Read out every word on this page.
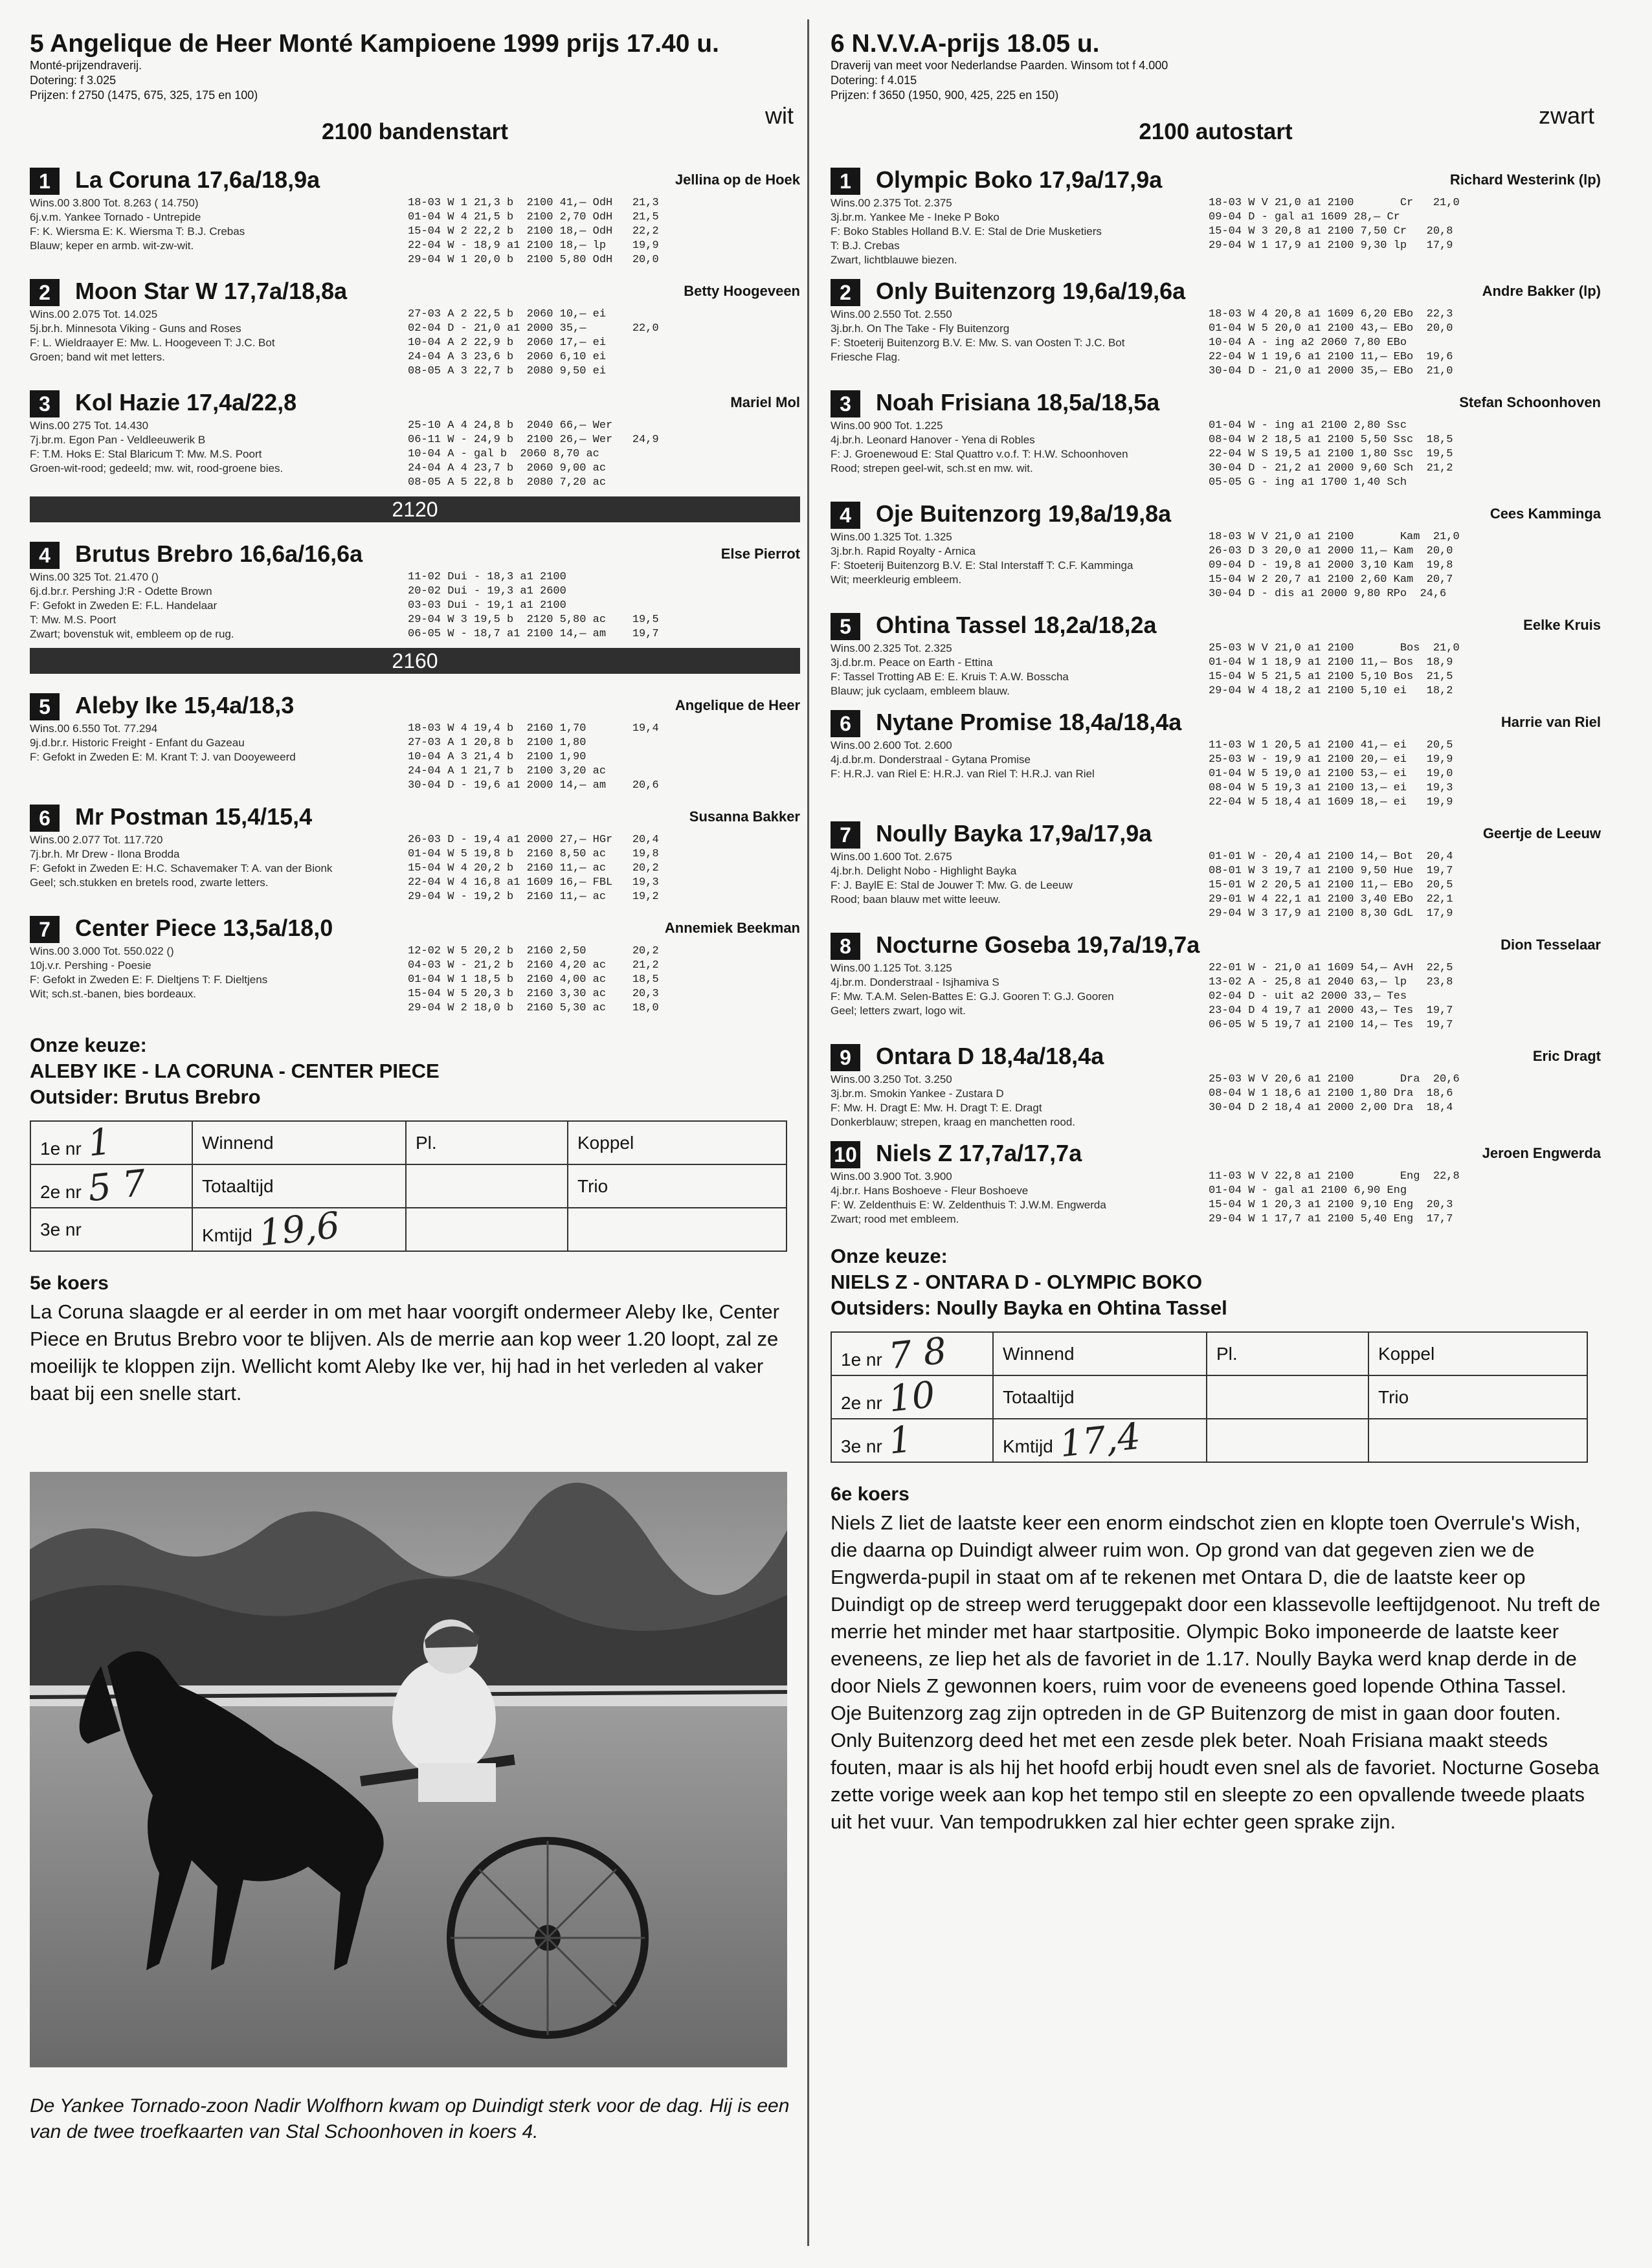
5 Angelique de Heer Monté Kampioene 1999 prijs 17.40 u.
Monté-prijzendraverij.
Dotering: f 3.025
Prijzen: f 2750 (1475, 675, 325, 175 en 100)
wit
2100 bandenstart
1	La Coruna 17,6a/18,9a	Jellina op de Hoek
Wins.00 3.800 Tot. 8.263 ( 14.750)
6j.v.m. Yankee Tornado - Untrepide
F: K. Wiersma E: K. Wiersma T: B.J. Crebas
Blauw; keper en armb. wit-zw-wit.
18-03 W 1 21,3 b  2100 41,— OdH   21,3
01-04 W 4 21,5 b  2100 2,70 OdH   21,5
15-04 W 2 22,2 b  2100 18,— OdH   22,2
22-04 W - 18,9 a1 2100 18,— lp    19,9
29-04 W 1 20,0 b  2100 5,80 OdH   20,0
2	Moon Star W 17,7a/18,8a	Betty Hoogeveen
Wins.00 2.075 Tot. 14.025
5j.br.h. Minnesota Viking - Guns and Roses
F: L. Wieldraayer E: Mw. L. Hoogeveen T: J.C. Bot
Groen; band wit met letters.
27-03 A 2 22,5 b  2060 10,— ei
02-04 D - 21,0 a1 2000 35,—       22,0
10-04 A 2 22,9 b  2060 17,— ei
24-04 A 3 23,6 b  2060 6,10 ei
08-05 A 3 22,7 b  2080 9,50 ei
3	Kol Hazie 17,4a/22,8	Mariel Mol
Wins.00 275 Tot. 14.430
7j.br.m. Egon Pan - Veldleeuwerik B
F: T.M. Hoks E: Stal Blaricum T: Mw. M.S. Poort
Groen-wit-rood; gedeeld; mw. wit, rood-groene bies.
25-10 A 4 24,8 b  2040 66,— Wer
06-11 W - 24,9 b  2100 26,— Wer   24,9
10-04 A - gal b  2060 8,70 ac
24-04 A 4 23,7 b  2060 9,00 ac
08-05 A 5 22,8 b  2080 7,20 ac
2120
4	Brutus Brebro 16,6a/16,6a	Else Pierrot
Wins.00 325 Tot. 21.470 ()
6j.d.br.r. Pershing J:R - Odette Brown
F: Gefokt in Zweden E: F.L. Handelaar
T: Mw. M.S. Poort
Zwart; bovenstuk wit, embleem op de rug.
11-02 Dui - 18,3 a1 2100
20-02 Dui - 19,3 a1 2600
03-03 Dui - 19,1 a1 2100
29-04 W 3 19,5 b  2120 5,80 ac    19,5
06-05 W - 18,7 a1 2100 14,— am    19,7
2160
5	Aleby Ike 15,4a/18,3	Angelique de Heer
Wins.00 6.550 Tot. 77.294
9j.d.br.r. Historic Freight - Enfant du Gazeau
F: Gefokt in Zweden E: M. Krant T: J. van Dooyeweerd
18-03 W 4 19,4 b  2160 1,70       19,4
27-03 A 1 20,8 b  2100 1,80
10-04 A 3 21,4 b  2100 1,90
24-04 A 1 21,7 b  2100 3,20 ac
30-04 D - 19,6 a1 2000 14,— am    20,6
6	Mr Postman 15,4/15,4	Susanna Bakker
Wins.00 2.077 Tot. 117.720
7j.br.h. Mr Drew - Ilona Brodda
F: Gefokt in Zweden E: H.C. Schavemaker T: A. van der Bionk
Geel; sch.stukken en bretels rood, zwarte letters.
26-03 D - 19,4 a1 2000 27,— HGr   20,4
01-04 W 5 19,8 b  2160 8,50 ac    19,8
15-04 W 4 20,2 b  2160 11,— ac    20,2
22-04 W 4 16,8 a1 1609 16,— FBL   19,3
29-04 W - 19,2 b  2160 11,— ac    19,2
7	Center Piece 13,5a/18,0	Annemiek Beekman
Wins.00 3.000 Tot. 550.022 ()
10j.v.r. Pershing - Poesie
F: Gefokt in Zweden E: F. Dieltjens T: F. Dieltjens
Wit; sch.st.-banen, bies bordeaux.
12-02 W 5 20,2 b  2160 2,50       20,2
04-03 W - 21,2 b  2160 4,20 ac    21,2
01-04 W 1 18,5 b  2160 4,00 ac    18,5
15-04 W 5 20,3 b  2160 3,30 ac    20,3
29-04 W 2 18,0 b  2160 5,30 ac    18,0
Onze keuze:
ALEBY IKE - LA CORUNA - CENTER PIECE
Outsider: Brutus Brebro
1e nr 1	Winnend	Pl.	Koppel
2e nr 5 7	Totaaltijd		Trio
3e nr	Kmtijd 19,6		
5e koers
La Coruna slaagde er al eerder in om met haar voorgift ondermeer Aleby Ike, Center Piece en Brutus Brebro voor te blijven. Als de merrie aan kop weer 1.20 loopt, zal ze moeilijk te kloppen zijn. Wellicht komt Aleby Ike ver, hij had in het verleden al vaker baat bij een snelle start.
De Yankee Tornado-zoon Nadir Wolfhorn kwam op Duindigt sterk voor de dag. Hij is een van de twee troefkaarten van Stal Schoonhoven in koers 4.
6 N.V.V.A-prijs 18.05 u.
Draverij van meet voor Nederlandse Paarden. Winsom tot f 4.000
Dotering: f 4.015
Prijzen: f 3650 (1950, 900, 425, 225 en 150)
zwart
2100 autostart
1	Olympic Boko 17,9a/17,9a	Richard Westerink (lp)
Wins.00 2.375 Tot. 2.375
3j.br.m. Yankee Me - Ineke P Boko
F: Boko Stables Holland B.V. E: Stal de Drie Musketiers
T: B.J. Crebas
Zwart, lichtblauwe biezen.
18-03 W V 21,0 a1 2100       Cr   21,0
09-04 D - gal a1 1609 28,— Cr
15-04 W 3 20,8 a1 2100 7,50 Cr   20,8
29-04 W 1 17,9 a1 2100 9,30 lp   17,9
2	Only Buitenzorg 19,6a/19,6a	Andre Bakker (lp)
Wins.00 2.550 Tot. 2.550
3j.br.h. On The Take - Fly Buitenzorg
F: Stoeterij Buitenzorg B.V. E: Mw. S. van Oosten T: J.C. Bot
Friesche Flag.
18-03 W 4 20,8 a1 1609 6,20 EBo  22,3
01-04 W 5 20,0 a1 2100 43,— EBo  20,0
10-04 A - ing a2 2060 7,80 EBo
22-04 W 1 19,6 a1 2100 11,— EBo  19,6
30-04 D - 21,0 a1 2000 35,— EBo  21,0
3	Noah Frisiana 18,5a/18,5a	Stefan Schoonhoven
Wins.00 900 Tot. 1.225
4j.br.h. Leonard Hanover - Yena di Robles
F: J. Groenewoud E: Stal Quattro v.o.f. T: H.W. Schoonhoven
Rood; strepen geel-wit, sch.st en mw. wit.
01-04 W - ing a1 2100 2,80 Ssc
08-04 W 2 18,5 a1 2100 5,50 Ssc  18,5
22-04 W S 19,5 a1 2100 1,80 Ssc  19,5
30-04 D - 21,2 a1 2000 9,60 Sch  21,2
05-05 G - ing a1 1700 1,40 Sch
4	Oje Buitenzorg 19,8a/19,8a	Cees Kamminga
Wins.00 1.325 Tot. 1.325
3j.br.h. Rapid Royalty - Arnica
F: Stoeterij Buitenzorg B.V. E: Stal Interstaff T: C.F. Kamminga
Wit; meerkleurig embleem.
18-03 W V 21,0 a1 2100       Kam  21,0
26-03 D 3 20,0 a1 2000 11,— Kam  20,0
09-04 D - 19,8 a1 2000 3,10 Kam  19,8
15-04 W 2 20,7 a1 2100 2,60 Kam  20,7
30-04 D - dis a1 2000 9,80 RPo  24,6
5	Ohtina Tassel 18,2a/18,2a	Eelke Kruis
Wins.00 2.325 Tot. 2.325
3j.d.br.m. Peace on Earth - Ettina
F: Tassel Trotting AB E: E. Kruis T: A.W. Bosscha
Blauw; juk cyclaam, embleem blauw.
25-03 W V 21,0 a1 2100       Bos  21,0
01-04 W 1 18,9 a1 2100 11,— Bos  18,9
15-04 W 5 21,5 a1 2100 5,10 Bos  21,5
29-04 W 4 18,2 a1 2100 5,10 ei   18,2
6	Nytane Promise 18,4a/18,4a	Harrie van Riel
Wins.00 2.600 Tot. 2.600
4j.d.br.m. Donderstraal - Gytana Promise
F: H.R.J. van Riel E: H.R.J. van Riel T: H.R.J. van Riel
11-03 W 1 20,5 a1 2100 41,— ei   20,5
25-03 W - 19,9 a1 2100 20,— ei   19,9
01-04 W 5 19,0 a1 2100 53,— ei   19,0
08-04 W 5 19,3 a1 2100 13,— ei   19,3
22-04 W 5 18,4 a1 1609 18,— ei   19,9
7	Noully Bayka 17,9a/17,9a	Geertje de Leeuw
Wins.00 1.600 Tot. 2.675
4j.br.h. Delight Nobo - Highlight Bayka
F: J. BaylE E: Stal de Jouwer T: Mw. G. de Leeuw
Rood; baan blauw met witte leeuw.
01-01 W - 20,4 a1 2100 14,— Bot  20,4
08-01 W 3 19,7 a1 2100 9,50 Hue  19,7
15-01 W 2 20,5 a1 2100 11,— EBo  20,5
29-01 W 4 22,1 a1 2100 3,40 EBo  22,1
29-04 W 3 17,9 a1 2100 8,30 GdL  17,9
8	Nocturne Goseba 19,7a/19,7a	Dion Tesselaar
Wins.00 1.125 Tot. 3.125
4j.br.m. Donderstraal - Isjhamiva S
F: Mw. T.A.M. Selen-Battes E: G.J. Gooren T: G.J. Gooren
Geel; letters zwart, logo wit.
22-01 W - 21,0 a1 1609 54,— AvH  22,5
13-02 A - 25,8 a1 2040 63,— lp   23,8
02-04 D - uit a2 2000 33,— Tes
23-04 D 4 19,7 a1 2000 43,— Tes  19,7
06-05 W 5 19,7 a1 2100 14,— Tes  19,7
9	Ontara D 18,4a/18,4a	Eric Dragt
Wins.00 3.250 Tot. 3.250
3j.br.m. Smokin Yankee - Zustara D
F: Mw. H. Dragt E: Mw. H. Dragt T: E. Dragt
Donkerblauw; strepen, kraag en manchetten rood.
25-03 W V 20,6 a1 2100       Dra  20,6
08-04 W 1 18,6 a1 2100 1,80 Dra  18,6
30-04 D 2 18,4 a1 2000 2,00 Dra  18,4
10 Niels Z 17,7a/17,7a	Jeroen Engwerda
Wins.00 3.900 Tot. 3.900
4j.br.r. Hans Boshoeve - Fleur Boshoeve
F: W. Zeldenthuis E: W. Zeldenthuis T: J.W.M. Engwerda
Zwart; rood met embleem.
11-03 W V 22,8 a1 2100       Eng  22,8
01-04 W - gal a1 2100 6,90 Eng
15-04 W 1 20,3 a1 2100 9,10 Eng  20,3
29-04 W 1 17,7 a1 2100 5,40 Eng  17,7
Onze keuze:
NIELS Z - ONTARA D - OLYMPIC BOKO
Outsiders: Noully Bayka en Ohtina Tassel
1e nr 7 8	Winnend	Pl.	Koppel
2e nr 10	Totaaltijd		Trio
3e nr 1	Kmtijd 17,4		
6e koers
Niels Z liet de laatste keer een enorm eindschot zien en klopte toen Overrule's Wish, die daarna op Duindigt alweer ruim won. Op grond van dat gegeven zien we de Engwerda-pupil in staat om af te rekenen met Ontara D, die de laatste keer op Duindigt op de streep werd teruggepakt door een klassevolle leeftijdgenoot. Nu treft de merrie het minder met haar startpositie. Olympic Boko imponeerde de laatste keer eveneens, ze liep het als de favoriet in de 1.17. Noully Bayka werd knap derde in de door Niels Z gewonnen koers, ruim voor de eveneens goed lopende Othina Tassel. Oje Buitenzorg zag zijn optreden in de GP Buitenzorg de mist in gaan door fouten. Only Buitenzorg deed het met een zesde plek beter. Noah Frisiana maakt steeds fouten, maar is als hij het hoofd erbij houdt even snel als de favoriet. Nocturne Goseba zette vorige week aan kop het tempo stil en sleepte zo een opvallende tweede plaats uit het vuur. Van tempodrukken zal hier echter geen sprake zijn.
